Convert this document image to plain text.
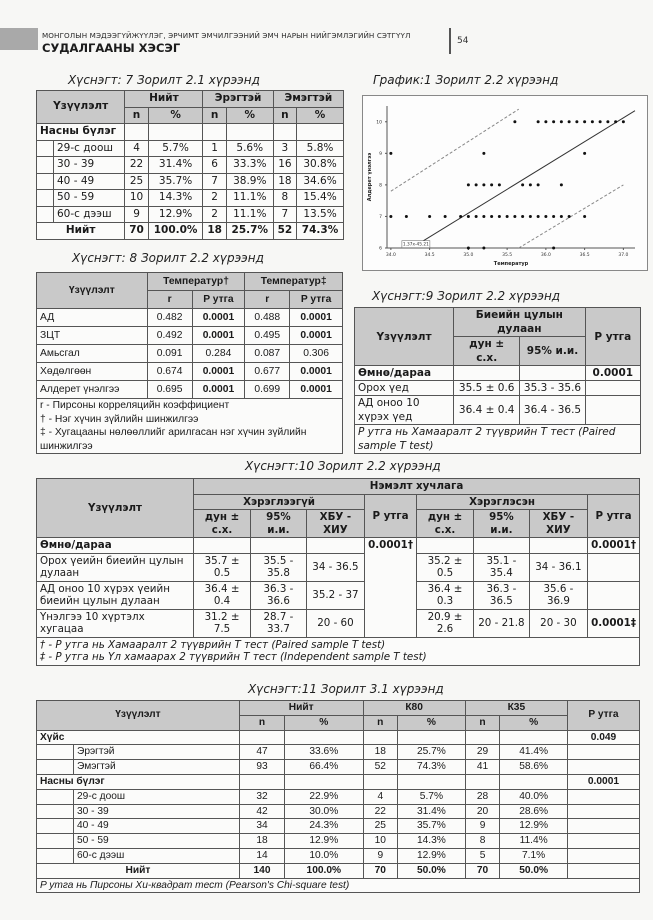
МОНГОЛЫН МЭДЭЭГҮЙЖҮҮЛЭГ, ЭРЧИМТ ЭМЧИЛГЭЭНИЙ ЭМЧ НАРЫН НИЙГЭМЛЭГИЙН СЭТГҮҮЛ
СУДАЛГААНЫ ХЭСЭГ	54
Хүснэгт: 7 Зорилт 2.1 хүрээнд
Үзүүлэлт		Нийт		Эрэгтэй		Эмэгтэй	
		n	%	n	%	n	%
Насны бүлэг							
	29-с доош	4	5.7%	1	5.6%	3	5.8%
	30 - 39	22	31.4%	6	33.3%	16	30.8%
	40 - 49	25	35.7%	7	38.9%	18	34.6%
	50 - 59	10	14.3%	2	11.1%	8	15.4%
	60-с дээш	9	12.9%	2	11.1%	7	13.5%
Нийт		70	100.0%	18	25.7%	52	74.3%
График:1 Зорилт 2.2 хүрээнд
34.0	34.5	35.0	35.5	36.0	36.5	37.0
6
7
8
9
10
Температур
Алдерет үнэлгээ
1.37x-45.21
Хүснэгт: 8 Зорилт 2.2 хүрээнд
Үзүүлэлт	Температур†		Температур‡	
	r	P утга	r	P утга
АД	0.482	0.0001	0.488	0.0001
ЗЦТ	0.492	0.0001	0.495	0.0001
Амьсгал	0.091	0.284	0.087	0.306
Хөдөлгөөн	0.674	0.0001	0.677	0.0001
Алдерет үнэлгээ	0.695	0.0001	0.699	0.0001

r - Пирсоны корреляцийн коэффициент
† - Нэг хүчин зүйлийн шинжилгээ
‡ - Хугацааны нөлөөллийг арилгасан нэг хүчин зүйлийн шинжилгээ				
Хүснэгт:9 Зорилт 2.2 хүрээнд
Үзүүлэлт	Биеийн цулын дулаан		P утга
	дун ± с.х.	95% и.и.	
Өмнө/дараа			0.0001
Орох үед	35.5 ± 0.6	35.3 - 35.6	
АД оноо 10 хүрэх үед	36.4 ± 0.4	36.4 - 36.5	
P утга нь Хамааралт 2 түүврийн Т тест (Paired sample T test)			
Хүснэгт:10 Зорилт 2.2 хүрээнд
Үзүүлэлт	Нэмэлт хучлага							
	Хэрэглээгүй			P утга	Хэрэглэсэн			P утга
	дун ± с.х.	95% и.и.	ХБУ - ХИУ		дун ± с.х.	95% и.и.	ХБУ - ХИУ	
Өмнө/дараа				0.0001†				0.0001†
Орох үеийн биеийн цулын дулаан	35.7 ± 0.5	35.5 - 35.8	34 - 36.5		35.2 ± 0.5	35.1 - 35.4	34 - 36.1	
АД оноо 10 хүрэх үеийн биеийн цулын дулаан	36.4 ± 0.4	36.3 - 36.6	35.2 - 37		36.4 ± 0.3	36.3 - 36.5	35.6 - 36.9	
Үнэлгээ 10 хүртэлх хугацаа	31.2 ± 7.5	28.7 - 33.7	20 - 60		20.9 ± 2.6	20 - 21.8	20 - 30	0.0001‡

† - P утга нь Хамааралт 2 түүврийн Т тест (Paired sample T test)
‡ - P утга нь Үл хамаарах 2 түүврийн Т тест (Independent sample T test)								
Хүснэгт:11 Зорилт 3.1 хүрээнд
Үзүүлэлт		Нийт		К80		К35		P утга
		n	%	n	%	n	%	
Хүйс								0.049
	Эрэгтэй	47	33.6%	18	25.7%	29	41.4%	
	Эмэгтэй	93	66.4%	52	74.3%	41	58.6%	
Насны бүлэг								0.0001
	29-с доош	32	22.9%	4	5.7%	28	40.0%	
	30 - 39	42	30.0%	22	31.4%	20	28.6%	
	40 - 49	34	24.3%	25	35.7%	9	12.9%	
	50 - 59	18	12.9%	10	14.3%	8	11.4%	
	60-с дээш	14	10.0%	9	12.9%	5	7.1%	
Нийт		140	100.0%	70	50.0%	70	50.0%	
P утга нь Пирсоны Хи-квадрат тест (Pearson's Chi-square test)								
